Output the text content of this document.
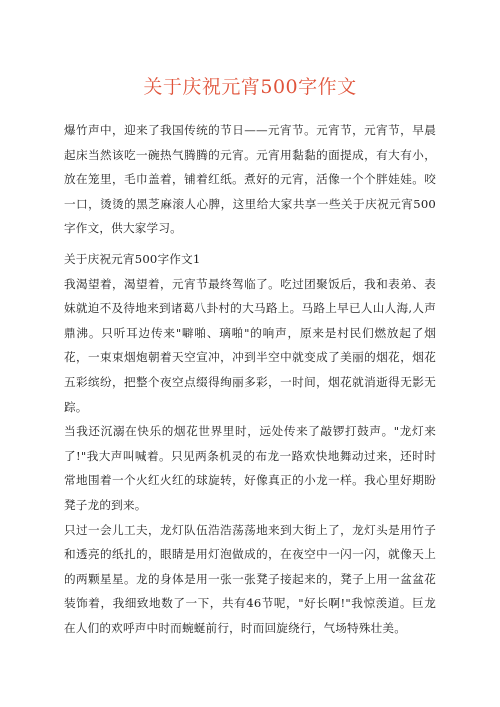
关于庆祝元宵500字作文

爆竹声中，迎来了我国传统的节日——元宵节。元宵节，元宵节，早晨起床当然该吃一碗热气腾腾的元宵。元宵用黏黏的面提成，有大有小，放在笼里，毛巾盖着，铺着红纸。煮好的元宵，活像一个个胖娃娃。咬一口，烫烫的黑芝麻滚人心脾，这里给大家共享一些关于庆祝元宵500字作文，供大家学习。

关于庆祝元宵500字作文1

我渴望着，渴望着，元宵节最终驾临了。吃过团聚饭后，我和表弟、表妹就迫不及待地来到诸葛八卦村的大马路上。马路上早已人山人海,人声鼎沸。只听耳边传来"噼啪、璃啪"的响声，原来是村民们燃放起了烟花，一束束烟炮朝着天空宣冲，冲到半空中就变成了美丽的烟花，烟花五彩缤纷，把整个夜空点缀得绚丽多彩，一时间，烟花就消逝得无影无踪。

当我还沉溺在快乐的烟花世界里时，远处传来了敲锣打鼓声。"龙灯来了!"我大声叫喊着。只见两条机灵的布龙一路欢快地舞动过来，还时时常地围着一个火红火红的球旋转，好像真正的小龙一样。我心里好期盼凳子龙的到来。

只过一会儿工夫，龙灯队伍浩浩荡荡地来到大街上了，龙灯头是用竹子和透亮的纸扎的，眼睛是用灯泡做成的，在夜空中一闪一闪，就像天上的两颗星星。龙的身体是用一张一张凳子接起来的，凳子上用一盆盆花装饰着，我细致地数了一下，共有46节呢，"好长啊!"我惊羡道。巨龙在人们的欢呼声中时而蜿蜒前行，时而回旋绕行，气场特殊壮美。
